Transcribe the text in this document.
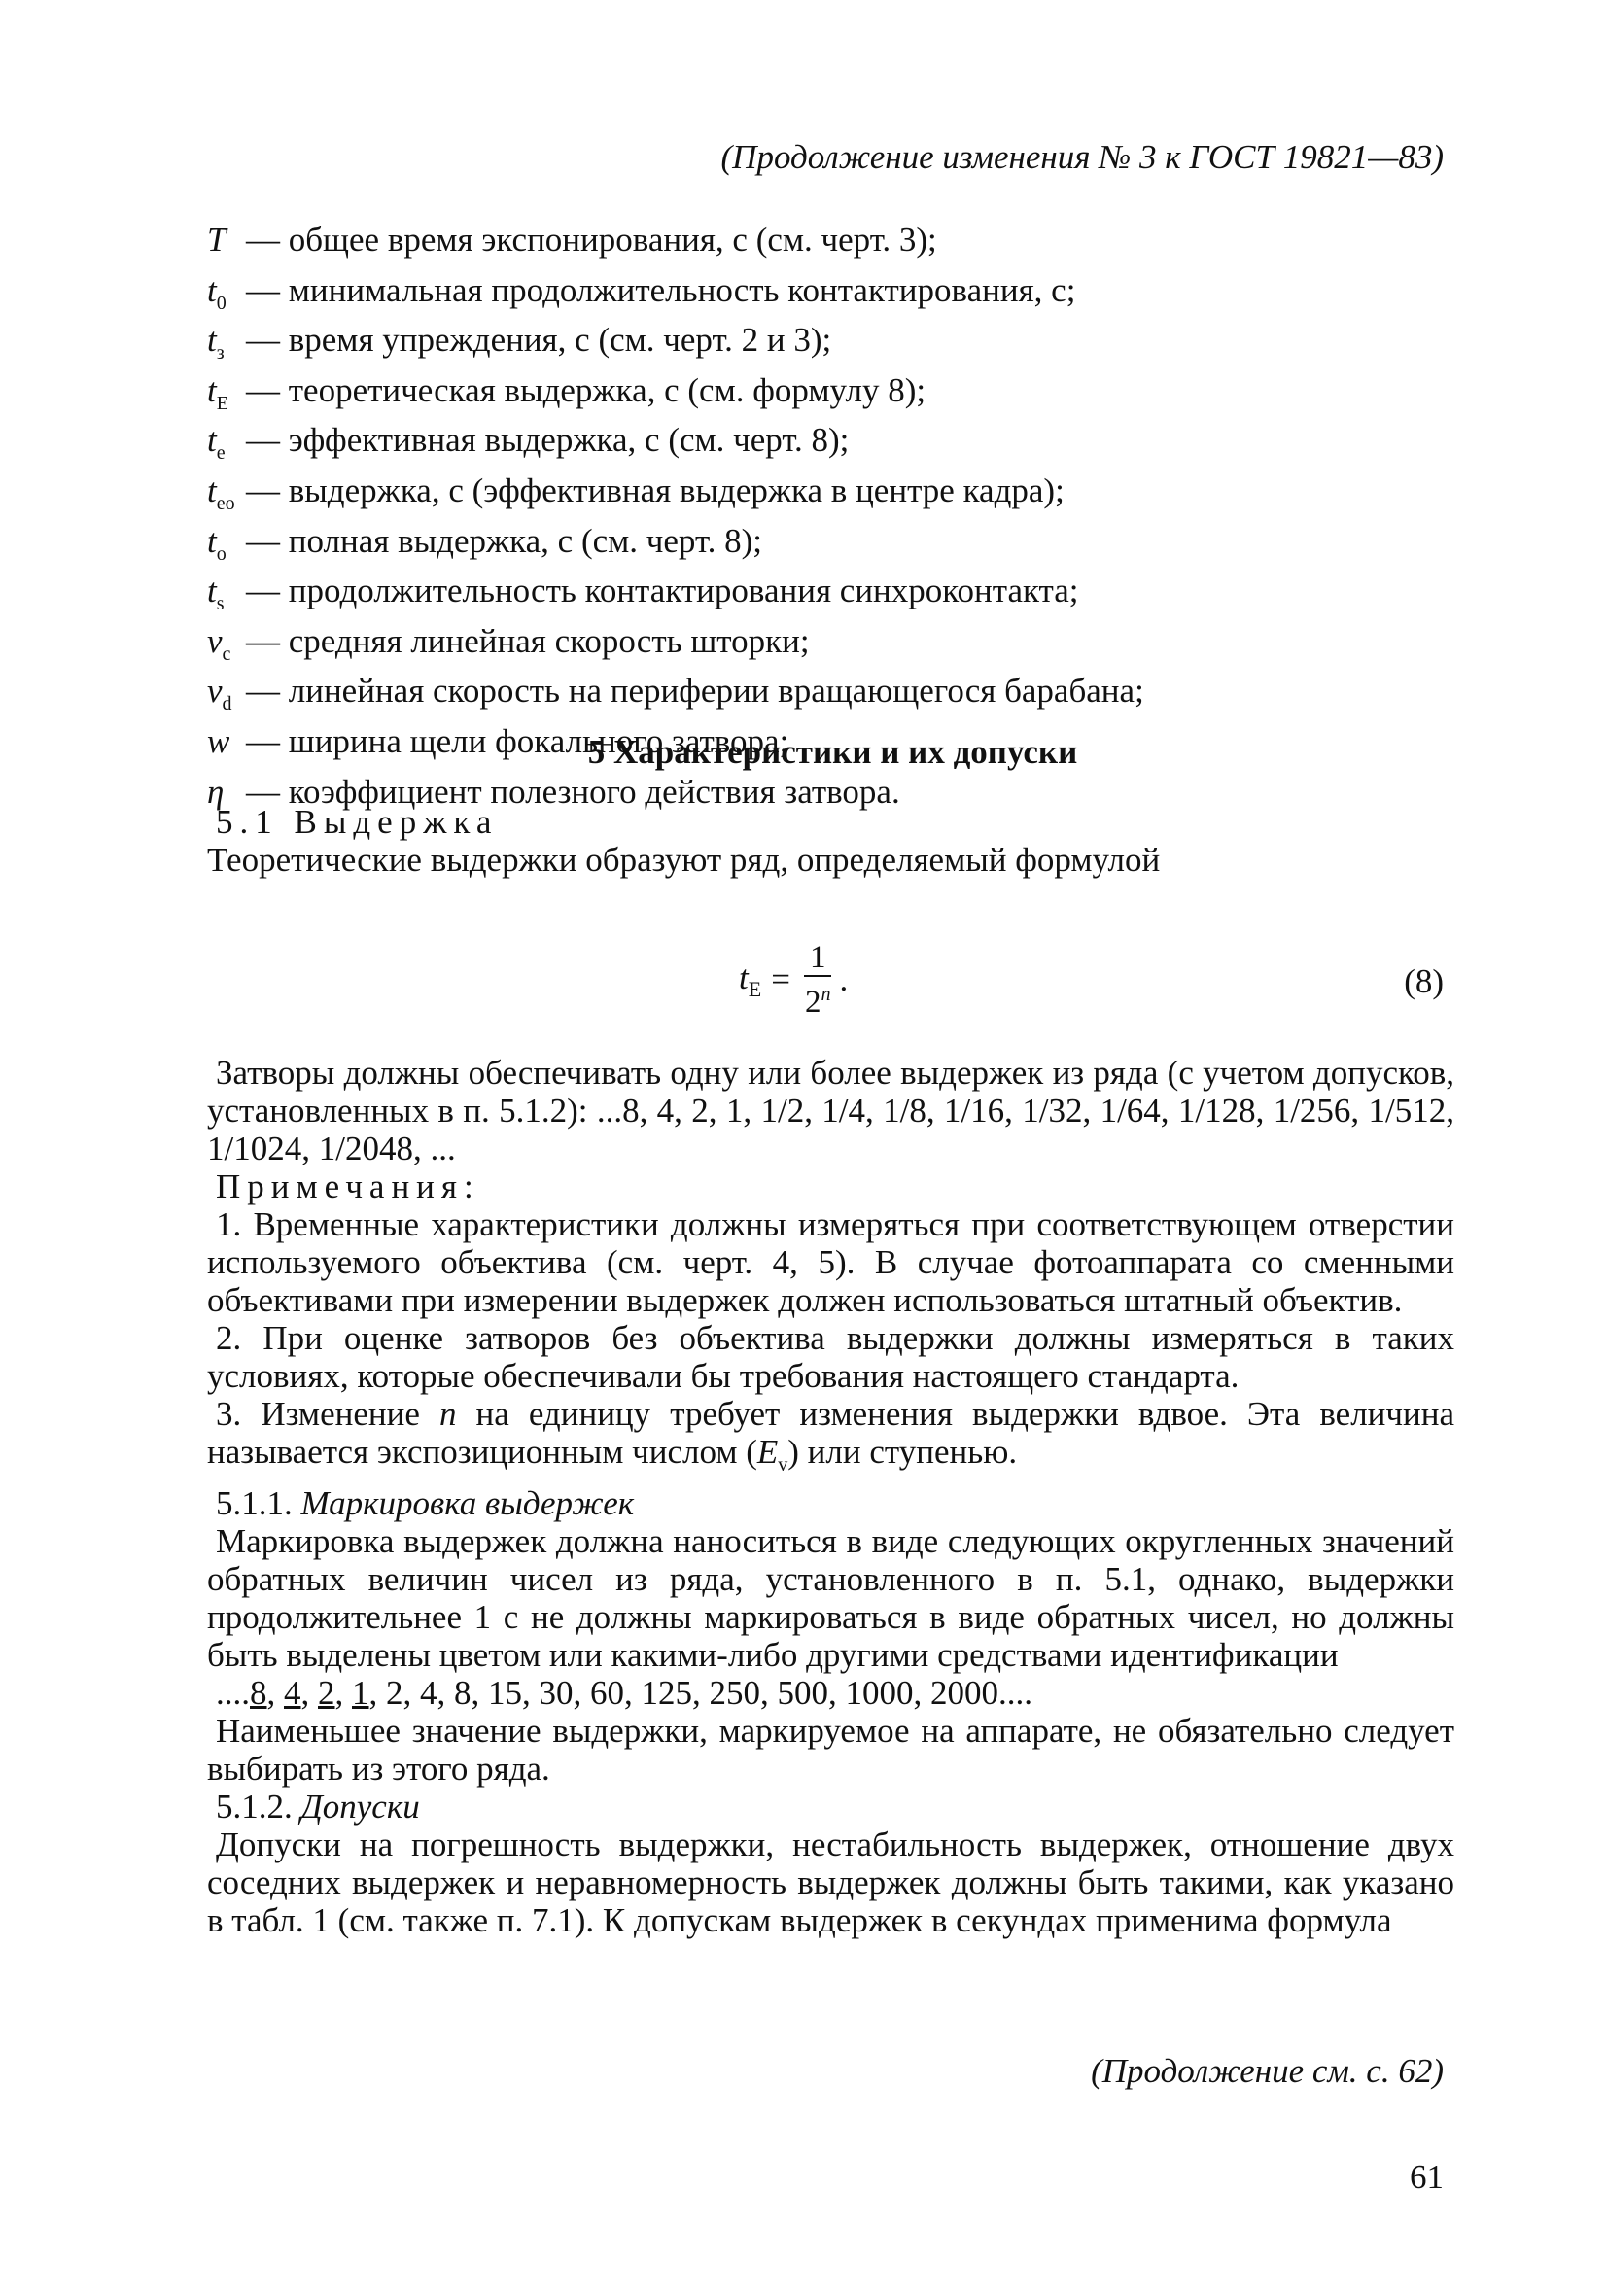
(Продолжение изменения № 3 к ГОСТ 19821—83)
T — общее время экспонирования, с (см. черт. 3);
$t_0$ — минимальная продолжительность контактирования, с;
$t_з$ — время упреждения, с (см. черт. 2 и 3);
$t_E$ — теоретическая выдержка, с (см. формулу 8);
$t_e$ — эффективная выдержка, с (см. черт. 8);
$t_{eo}$ — выдержка, с (эффективная выдержка в центре кадра);
$t_o$ — полная выдержка, с (см. черт. 8);
$t_s$ — продолжительность контактирования синхроконтакта;
$v_c$ — средняя линейная скорость шторки;
$v_d$ — линейная скорость на периферии вращающегося барабана;
w — ширина щели фокального затвора;
η — коэффициент полезного действия затвора.
5 Характеристики и их допуски
5.1 Выдержка
Теоретические выдержки образуют ряд, определяемый формулой
$t_E = \frac{1}{2^n}$ .	(8)
Затворы должны обеспечивать одну или более выдержек из ряда (с учетом допусков, установленных в п. 5.1.2): ...8, 4, 2, 1, 1/2, 1/4, 1/8, 1/16, 1/32, 1/64, 1/128, 1/256, 1/512, 1/1024, 1/2048, ...
Примечания:
1. Временные характеристики должны измеряться при соответствующем отверстии используемого объектива (см. черт. 4, 5). В случае фотоаппарата со сменными объективами при измерении выдержек должен использоваться штатный объектив.
2. При оценке затворов без объектива выдержки должны измеряться в таких условиях, которые обеспечивали бы требования настоящего стандарта.
3. Изменение n на единицу требует изменения выдержки вдвое. Эта величина называется экспозиционным числом $(E_v)$ или ступенью.
5.1.1. Маркировка выдержек
Маркировка выдержек должна наноситься в виде следующих округленных значений обратных величин чисел из ряда, установленного в п. 5.1, однако, выдержки продолжительнее 1 с не должны маркироваться в виде обратных чисел, но должны быть выделены цветом или какими-либо другими средствами идентификации
....8, 4, 2, 1, 2, 4, 8, 15, 30, 60, 125, 250, 500, 1000, 2000....
Наименьшее значение выдержки, маркируемое на аппарате, не обязательно следует выбирать из этого ряда.
5.1.2. Допуски
Допуски на погрешность выдержки, нестабильность выдержек, отношение двух соседних выдержек и неравномерность выдержек должны быть такими, как указано в табл. 1 (см. также п. 7.1). К допускам выдержек в секундах применима формула
(Продолжение см. с. 62)
61
